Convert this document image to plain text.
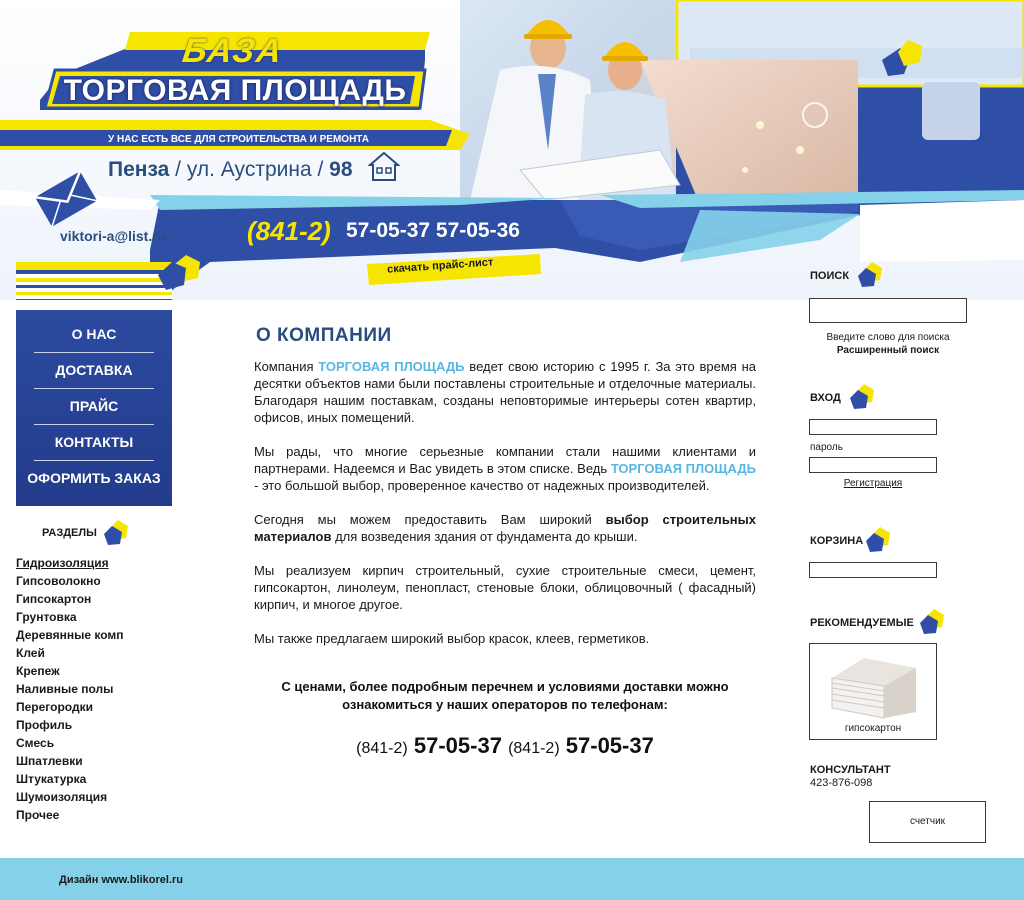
БАЗА
ТОРГОВАЯ ПЛОЩАДЬ
У НАС ЕСТЬ ВСЕ ДЛЯ СТРОИТЕЛЬСТВА И РЕМОНТА
Пенза / ул. Аустрина / 98
viktori-a@list.ru	(841-2) 57-05-37 57-05-36
скачать прайс-лист
О НАС
ДОСТАВКА
ПРАЙС
КОНТАКТЫ
ОФОРМИТЬ ЗАКАЗ
РАЗДЕЛЫ
Гидроизоляция
Гипсоволокно
Гипсокартон
Грунтовка
Деревянные комп
Клей
Крепеж
Наливные полы
Перегородки
Профиль
Смесь
Шпатлевки
Штукатурка
Шумоизоляция
Прочее
О КОМПАНИИ

Компания ТОРГОВАЯ ПЛОЩАДЬ ведет свою историю с 1995 г. За это время на десятки объектов нами были поставлены строительные и отделочные материалы. Благодаря нашим поставкам, созданы неповторимые интерьеры сотен квартир, офисов, иных помещений.

Мы рады, что многие серьезные компании стали нашими клиентами и партнерами. Надеемся и Вас увидеть в этом списке. Ведь ТОРГОВАЯ ПЛОЩАДЬ - это большой выбор, проверенное качество от надежных производителей.

Сегодня мы можем предоставить Вам широкий выбор строительных материалов для возведения здания от фундамента до крыши.

Мы реализуем кирпич строительный, сухие строительные смеси, цемент, гипсокартон, линолеум, пенопласт, стеновые блоки, облицовочный ( фасадный) кирпич, и многое другое.

Мы также предлагаем широкий выбор красок, клеев, герметиков.

С ценами, более подробным перечнем и условиями доставки можно ознакомиться у наших операторов по телефонам:
(841-2) 57-05-37 (841-2) 57-05-37
ПОИСК
Введите слово для поиска
Расширенный поиск
ВХОД
пароль
Регистрация
КОРЗИНА
РЕКОМЕНДУЕМЫЕ
гипсокартон
КОНСУЛЬТАНТ
423-876-098
счетчик
Дизайн www.blikorel.ru
